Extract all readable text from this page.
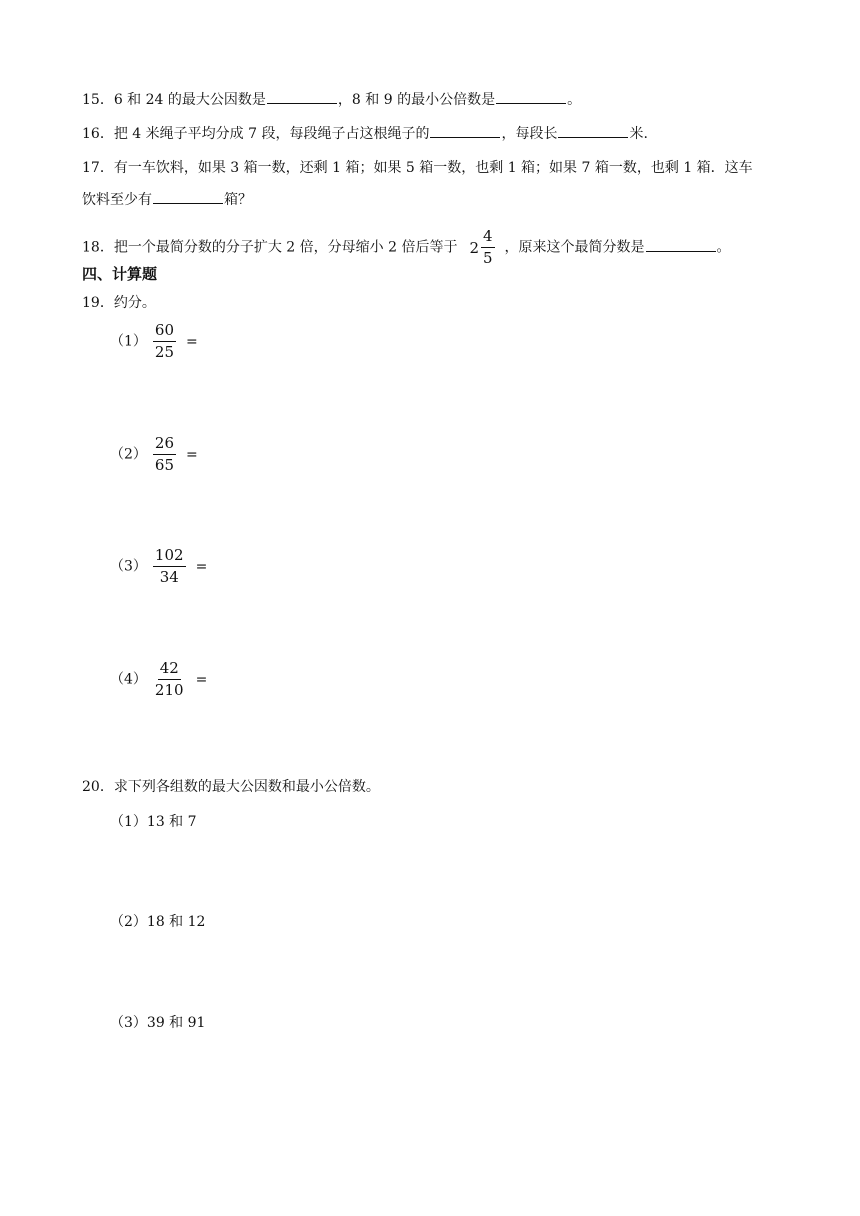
15．6 和 24 的最大公因数是	，8 和 9 的最小公倍数是	。
16．把 4 米绳子平均分成 7 段，每段绳子占这根绳子的	，每段长	米.
17．有一车饮料，如果 3 箱一数，还剩 1 箱；如果 5 箱一数，也剩 1 箱；如果 7 箱一数，也剩 1 箱．这车
饮料至少有	箱？
18．把一个最简分数的分子扩大 2 倍，分母缩小 2 倍后等于 $2 \frac{4}{5}$ ，原来这个最简分数是	。
四、计算题
19．约分。
$(1) \frac{60}{25}$ =
$(2) \frac{26}{65}$ =
$(3) \frac{102}{34}$ =
$(4) \frac{42}{210}$ =
20．求下列各组数的最大公因数和最小公倍数。
（1）13 和 7
（2）18 和 12
（3）39 和 91
